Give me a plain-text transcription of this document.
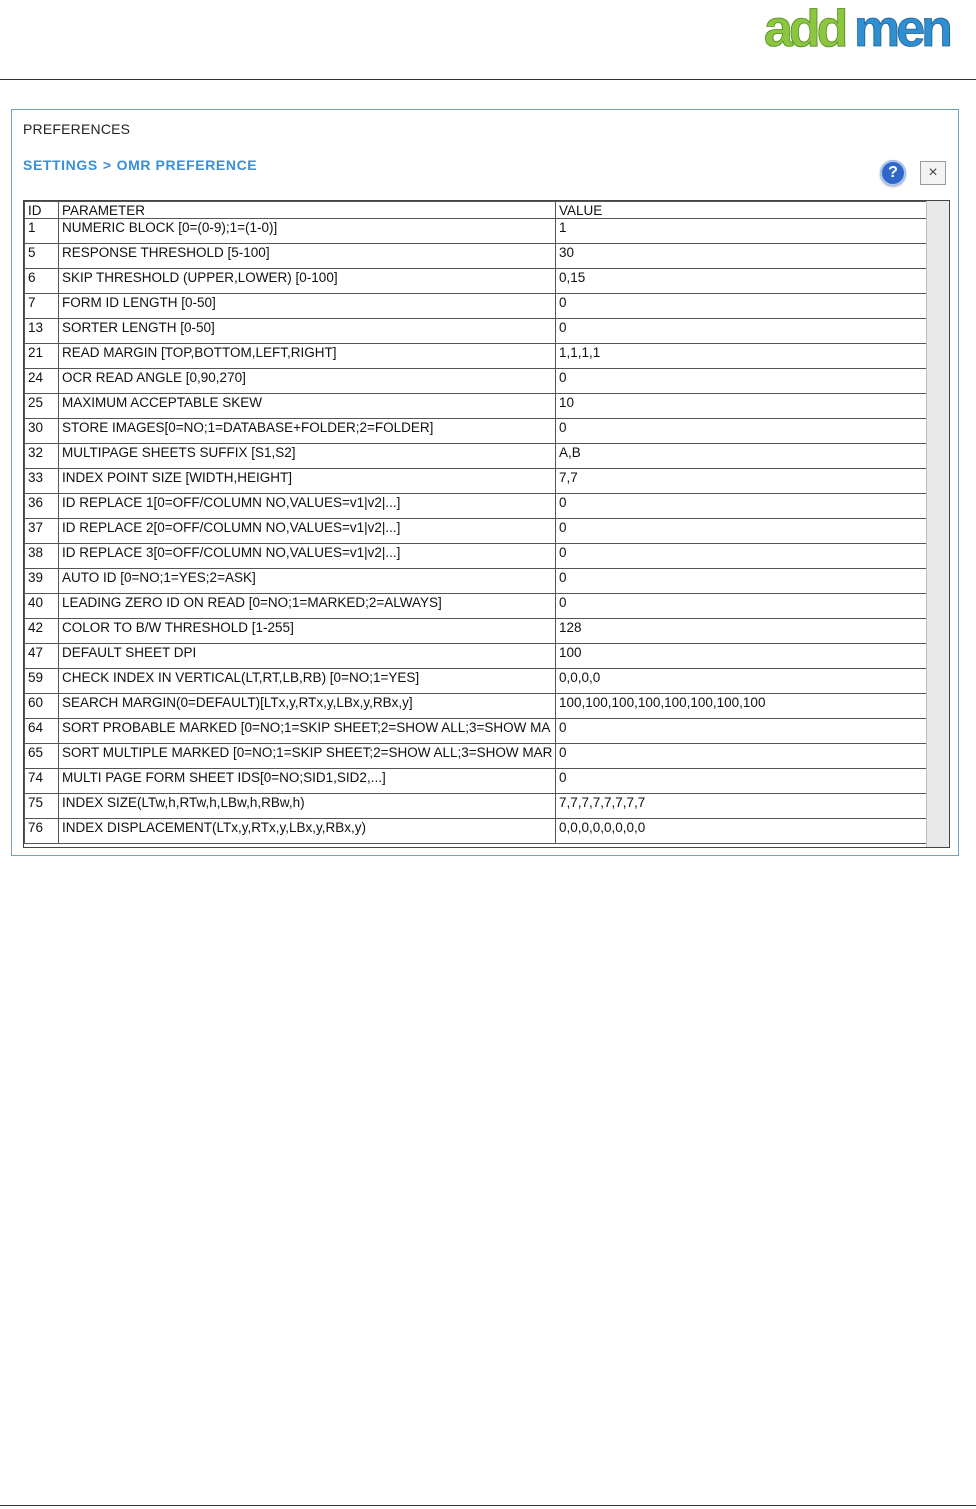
add men
PREFERENCES
SETTINGS > OMR PREFERENCE	?	×
ID	PARAMETER	VALUE
1	NUMERIC BLOCK [0=(0-9);1=(1-0)]	1
5	RESPONSE THRESHOLD [5-100]	30
6	SKIP THRESHOLD (UPPER,LOWER) [0-100]	0,15
7	FORM ID LENGTH [0-50]	0
13	SORTER LENGTH [0-50]	0
21	READ MARGIN [TOP,BOTTOM,LEFT,RIGHT]	1,1,1,1
24	OCR READ ANGLE [0,90,270]	0
25	MAXIMUM ACCEPTABLE SKEW	10
30	STORE IMAGES[0=NO;1=DATABASE+FOLDER;2=FOLDER]	0
32	MULTIPAGE SHEETS SUFFIX [S1,S2]	A,B
33	INDEX POINT SIZE [WIDTH,HEIGHT]	7,7
36	ID REPLACE 1[0=OFF/COLUMN NO,VALUES=v1|v2|...]	0
37	ID REPLACE 2[0=OFF/COLUMN NO,VALUES=v1|v2|...]	0
38	ID REPLACE 3[0=OFF/COLUMN NO,VALUES=v1|v2|...]	0
39	AUTO ID [0=NO;1=YES;2=ASK]	0
40	LEADING ZERO ID ON READ [0=NO;1=MARKED;2=ALWAYS]	0
42	COLOR TO B/W THRESHOLD [1-255]	128
47	DEFAULT SHEET DPI	100
59	CHECK INDEX IN VERTICAL(LT,RT,LB,RB) [0=NO;1=YES]	0,0,0,0
60	SEARCH MARGIN(0=DEFAULT)[LTx,y,RTx,y,LBx,y,RBx,y]	100,100,100,100,100,100,100,100
64	SORT PROBABLE MARKED [0=NO;1=SKIP SHEET;2=SHOW ALL;3=SHOW MA	0
65	SORT MULTIPLE MARKED [0=NO;1=SKIP SHEET;2=SHOW ALL;3=SHOW MAR	0
74	MULTI PAGE FORM SHEET IDS[0=NO;SID1,SID2,...]	0
75	INDEX SIZE(LTw,h,RTw,h,LBw,h,RBw,h)	7,7,7,7,7,7,7,7
76	INDEX DISPLACEMENT(LTx,y,RTx,y,LBx,y,RBx,y)	0,0,0,0,0,0,0,0
